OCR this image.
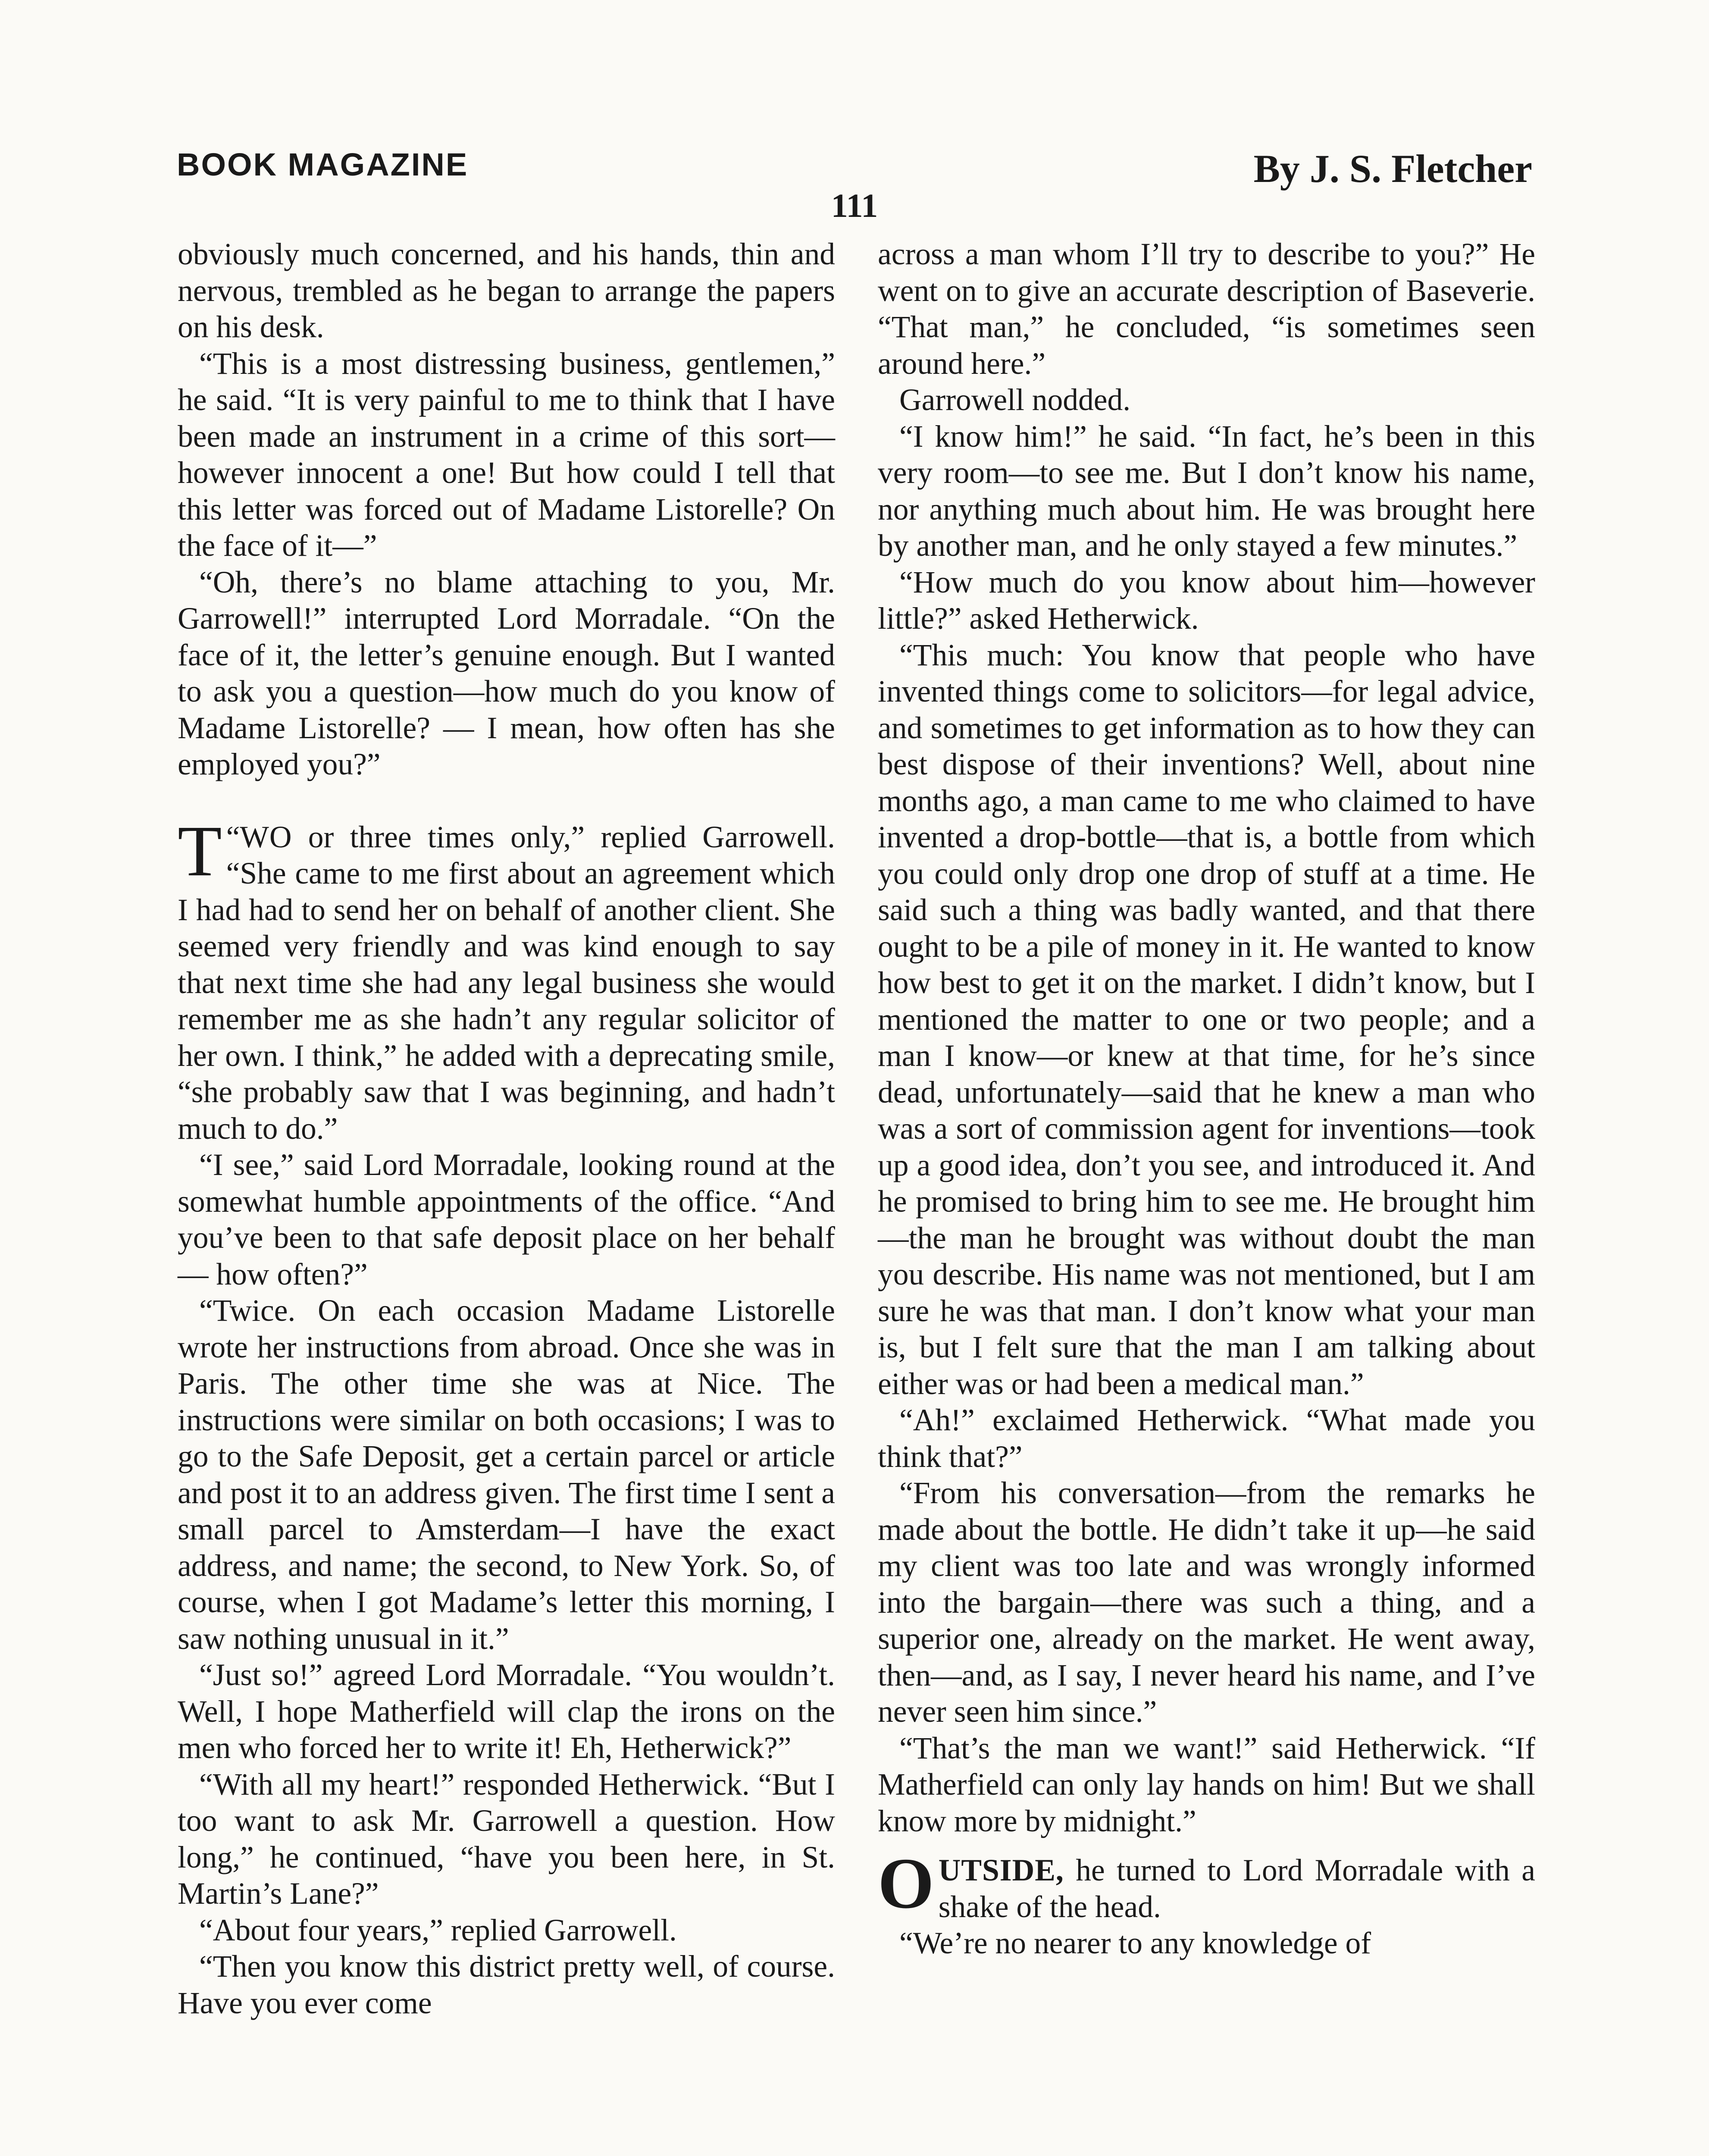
BOOK MAGAZINE	By J. S. Fletcher
111

obviously much concerned, and his hands, thin and nervous, trembled as he began to arrange the papers on his desk.

“This is a most distressing business, gentlemen,” he said. “It is very painful to me to think that I have been made an instrument in a crime of this sort—however innocent a one! But how could I tell that this letter was forced out of Madame Listorelle? On the face of it—”

“Oh, there’s no blame attaching to you, Mr. Garrowell!” interrupted Lord Morradale. “On the face of it, the letter’s genuine enough. But I wanted to ask you a question—how much do you know of Madame Listorelle? — I mean, how often has she employed you?”

“
T WO or three times only,” replied Garrowell. “She came to me first about an agreement which I had had to send her on behalf of another client. She seemed very friendly and was kind enough to say that next time she had any legal business she would remember me as she hadn’t any regular solicitor of her own. I think,” he added with a deprecating smile, “she probably saw that I was beginning, and hadn’t much to do.”

“I see,” said Lord Morradale, looking round at the somewhat humble appointments of the office. “And you’ve been to that safe deposit place on her behalf — how often?”

“Twice. On each occasion Madame Listorelle wrote her instructions from abroad. Once she was in Paris. The other time she was at Nice. The instructions were similar on both occasions; I was to go to the Safe Deposit, get a certain parcel or article and post it to an address given. The first time I sent a small parcel to Amsterdam—I have the exact address, and name; the second, to New York. So, of course, when I got Madame’s letter this morning, I saw nothing unusual in it.”

“Just so!” agreed Lord Morradale. “You wouldn’t. Well, I hope Matherfield will clap the irons on the men who forced her to write it! Eh, Hetherwick?”

“With all my heart!” responded Hetherwick. “But I too want to ask Mr. Garrowell a question. How long,” he continued, “have you been here, in St. Martin’s Lane?”

“About four years,” replied Garrowell.

“Then you know this district pretty well, of course. Have you ever come

across a man whom I’ll try to describe to you?” He went on to give an accurate description of Baseverie. “That man,” he concluded, “is sometimes seen around here.”

Garrowell nodded.

“I know him!” he said. “In fact, he’s been in this very room—to see me. But I don’t know his name, nor anything much about him. He was brought here by another man, and he only stayed a few minutes.”

“How much do you know about him—however little?” asked Hetherwick.

“This much: You know that people who have invented things come to solicitors—for legal advice, and sometimes to get information as to how they can best dispose of their inventions? Well, about nine months ago, a man came to me who claimed to have invented a drop-bottle—that is, a bottle from which you could only drop one drop of stuff at a time. He said such a thing was badly wanted, and that there ought to be a pile of money in it. He wanted to know how best to get it on the market. I didn’t know, but I mentioned the matter to one or two people; and a man I know—or knew at that time, for he’s since dead, unfortunately—said that he knew a man who was a sort of commission agent for inventions—took up a good idea, don’t you see, and introduced it. And he promised to bring him to see me. He brought him—the man he brought was without doubt the man you describe. His name was not mentioned, but I am sure he was that man. I don’t know what your man is, but I felt sure that the man I am talking about either was or had been a medical man.”

“Ah!” exclaimed Hetherwick. “What made you think that?”

“From his conversation—from the remarks he made about the bottle. He didn’t take it up—he said my client was too late and was wrongly informed into the bargain—there was such a thing, and a superior one, already on the market. He went away, then—and, as I say, I never heard his name, and I’ve never seen him since.”

“That’s the man we want!” said Hetherwick. “If Matherfield can only lay hands on him! But we shall know more by midnight.”

OUTSIDE, he turned to Lord Morradale with a shake of the head.

“We’re no nearer to any knowledge of
